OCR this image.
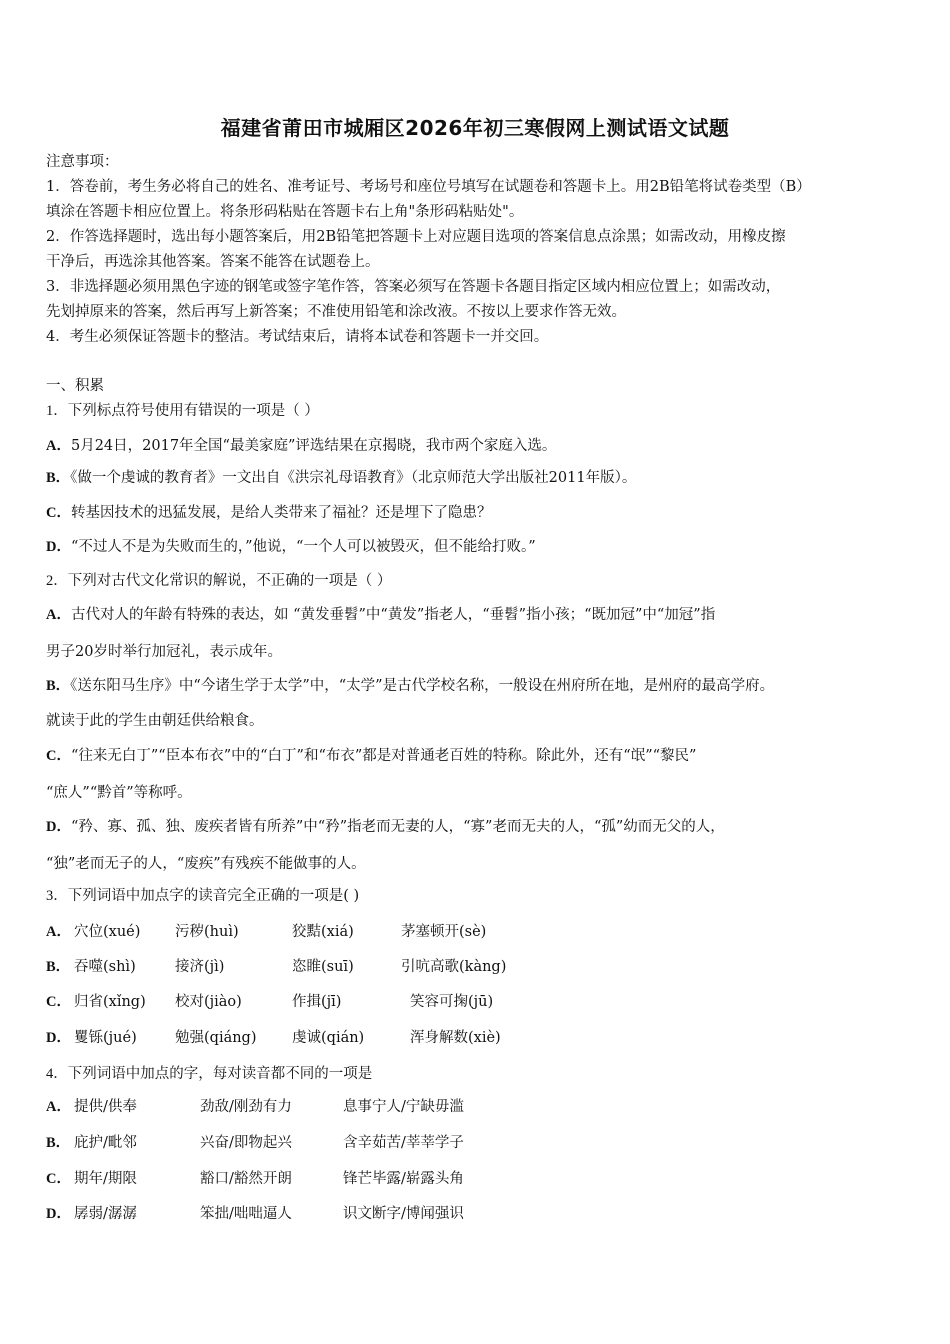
福建省莆田市城厢区2026年初三寒假网上测试语文试题
注意事项：
1．答卷前，考生务必将自己的姓名、准考证号、考场号和座位号填写在试题卷和答题卡上。用2B铅笔将试卷类型（B）
填涂在答题卡相应位置上。将条形码粘贴在答题卡右上角"条形码粘贴处"。
2．作答选择题时，选出每小题答案后，用2B铅笔把答题卡上对应题目选项的答案信息点涂黑；如需改动，用橡皮擦
干净后，再选涂其他答案。答案不能答在试题卷上。
3．非选择题必须用黑色字迹的钢笔或签字笔作答，答案必须写在答题卡各题目指定区域内相应位置上；如需改动，
先划掉原来的答案，然后再写上新答案；不准使用铅笔和涂改液。不按以上要求作答无效。
4．考生必须保证答题卡的整洁。考试结束后，请将本试卷和答题卡一并交回。
一、积累
1．下列标点符号使用有错误的一项是（ ）
A．5月24日，2017年全国“最美家庭”评选结果在京揭晓，我市两个家庭入选。
B．《做一个虔诚的教育者》一文出自《洪宗礼母语教育》（北京师范大学出版社2011年版）。
C．转基因技术的迅猛发展，是给人类带来了福祉？还是埋下了隐患？
D．“不过人不是为失败而生的，”他说，“一个人可以被毁灭，但不能给打败。”
2．下列对古代文化常识的解说，不正确的一项是（ ）
A．古代对人的年龄有特殊的表达，如 “黄发垂髫”中“黄发”指老人，“垂髫”指小孩；“既加冠”中“加冠”指
男子20岁时举行加冠礼，表示成年。
B．《送东阳马生序》中“今诸生学于太学”中，“太学”是古代学校名称，一般设在州府所在地，是州府的最高学府。
就读于此的学生由朝廷供给粮食。
C．“往来无白丁”“臣本布衣”中的“白丁”和“布衣”都是对普通老百姓的特称。除此外，还有“氓”“黎民”
“庶人”“黔首”等称呼。
D．“矜、寡、孤、独、废疾者皆有所养”中“矜”指老而无妻的人，“寡”老而无夫的人，“孤”幼而无父的人，
“独”老而无子的人，“废疾”有残疾不能做事的人。
3．下列词语中加点字的读音完全正确的一项是( )
A． 穴位(xué) 污秽(huì)	狡黠(xiá)	茅塞顿开(sè)
B． 吞噬(shì)	接济(jì)	恣睢(suī)	引吭高歌(kàng)
C． 归省(xǐng) 校对(jiào)	作揖(jī)	笑容可掬(jū)
D． 矍铄(jué)	勉强(qiáng) 虔诚(qián)	浑身解数(xiè)
4．下列词语中加点的字，每对读音都不同的一项是
A． 提供/供奉	劲敌/刚劲有力	息事宁人/宁缺毋滥
B． 庇护/毗邻	兴奋/即物起兴	含辛茹苦/莘莘学子
C． 期年/期限	豁口/豁然开朗	锋芒毕露/崭露头角
D． 孱弱/潺潺	笨拙/咄咄逼人	识文断字/博闻强识
